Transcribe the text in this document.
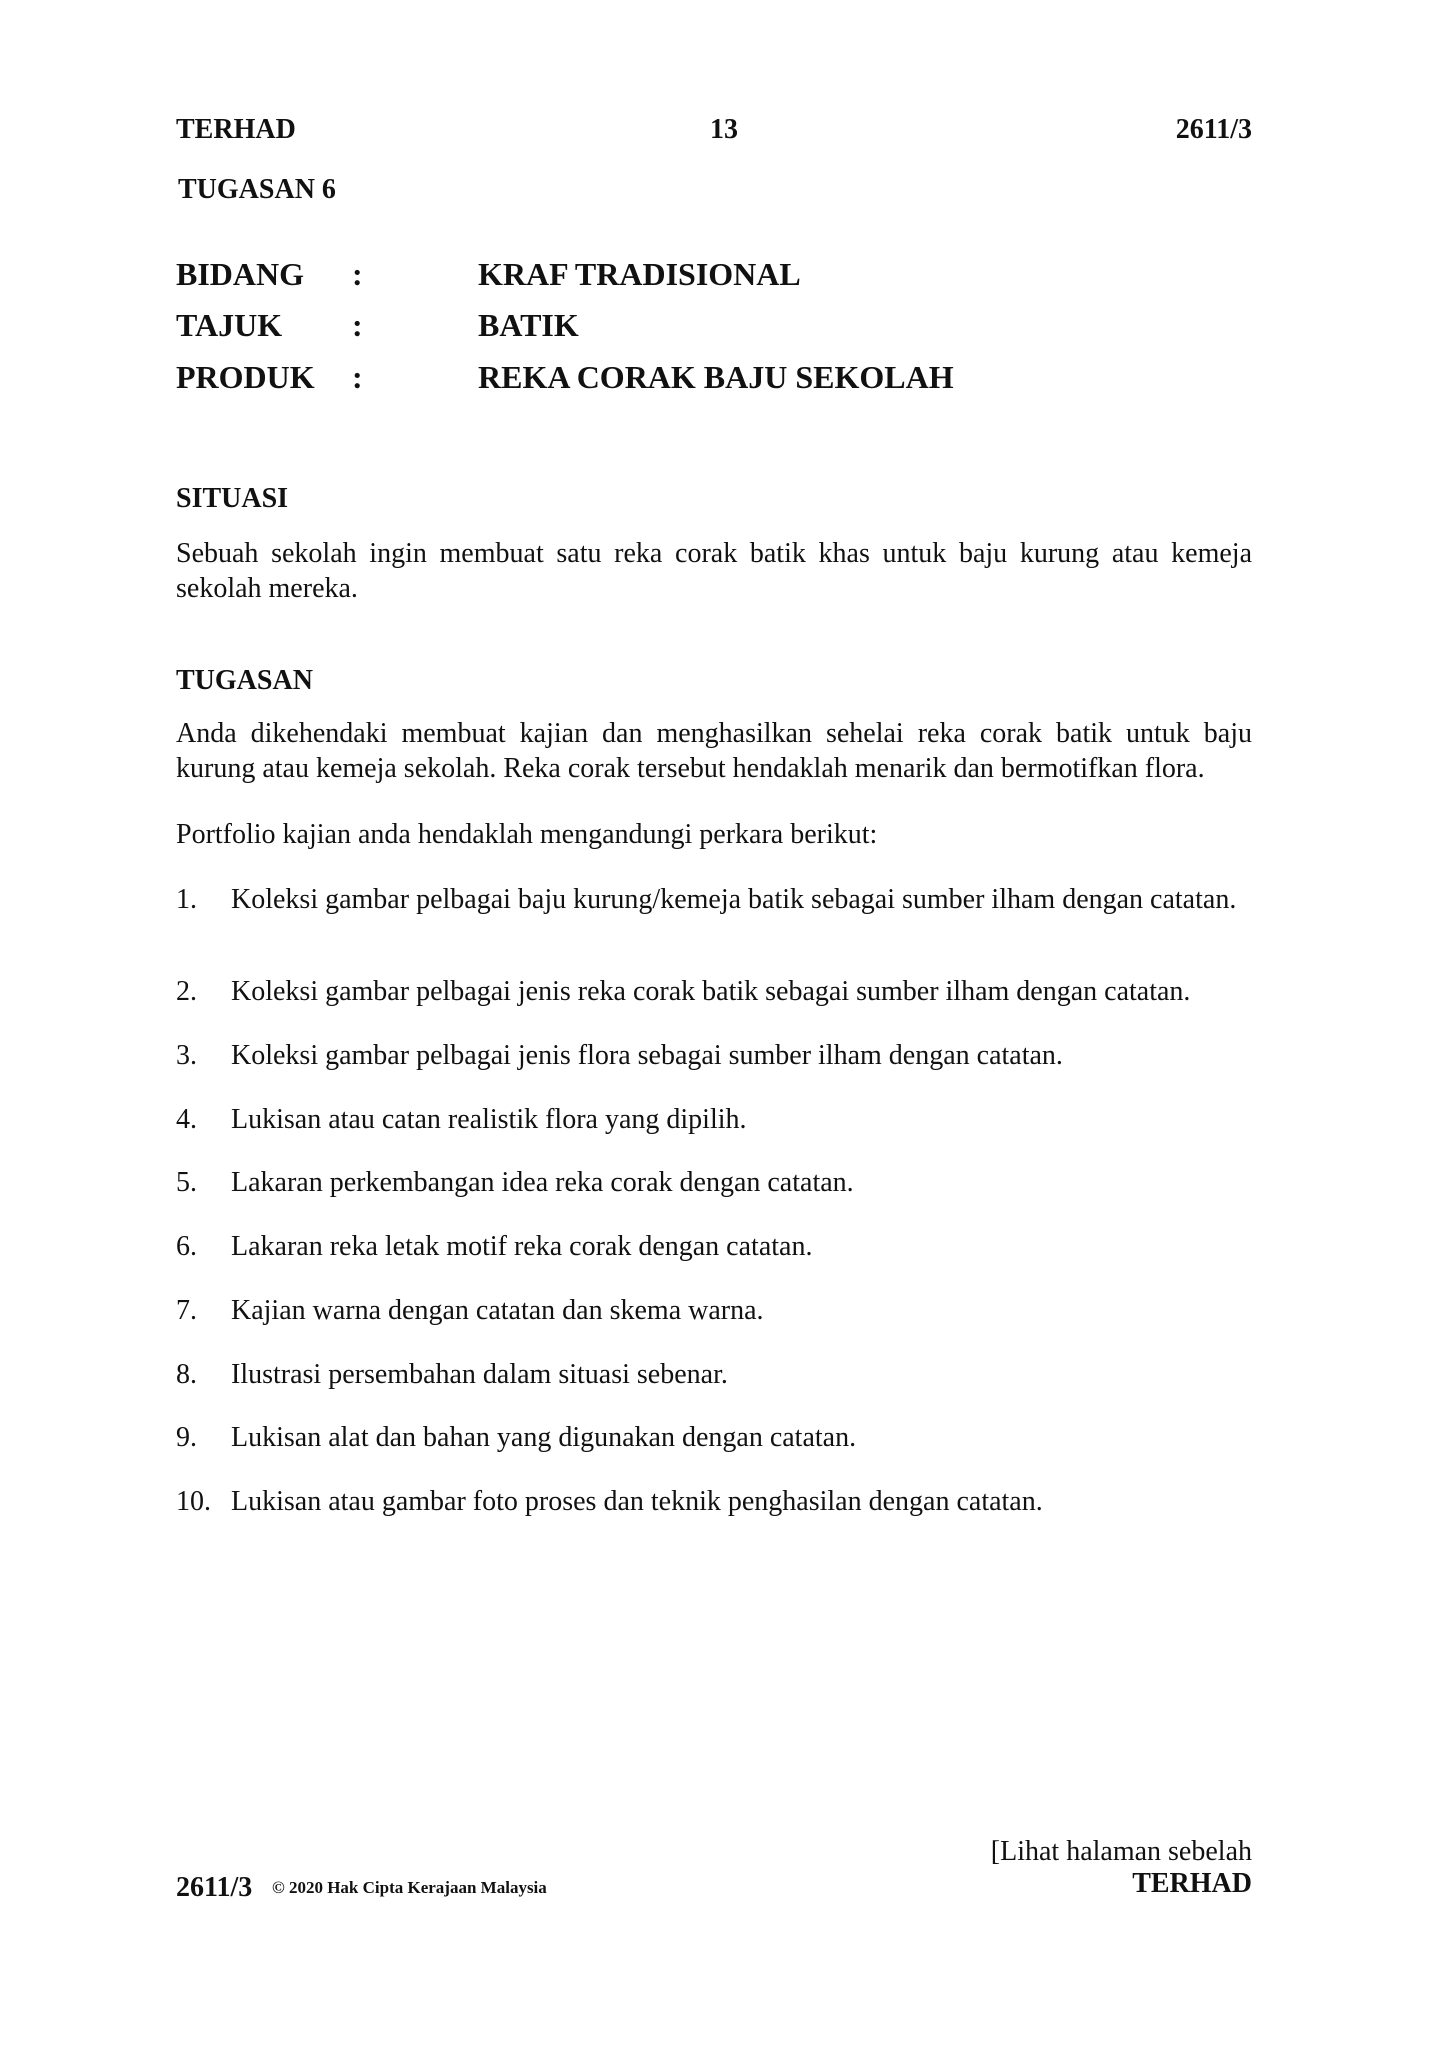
TERHAD	13	2611/3
TUGASAN 6
BIDANG :	KRAF TRADISIONAL
TAJUK :	BATIK
PRODUK :	REKA CORAK BAJU SEKOLAH
SITUASI
Sebuah sekolah ingin membuat satu reka corak batik khas untuk baju kurung atau kemeja sekolah mereka.
TUGASAN
Anda dikehendaki membuat kajian dan menghasilkan sehelai reka corak batik untuk baju kurung atau kemeja sekolah. Reka corak tersebut hendaklah menarik dan bermotifkan flora.
Portfolio kajian anda hendaklah mengandungi perkara berikut:
1. Koleksi gambar pelbagai baju kurung/kemeja batik sebagai sumber ilham dengan catatan.
2. Koleksi gambar pelbagai jenis reka corak batik sebagai sumber ilham dengan catatan.
3. Koleksi gambar pelbagai jenis flora sebagai sumber ilham dengan catatan.
4. Lukisan atau catan realistik flora yang dipilih.
5. Lakaran perkembangan idea reka corak dengan catatan.
6. Lakaran reka letak motif reka corak dengan catatan.
7. Kajian warna dengan catatan dan skema warna.
8. Ilustrasi persembahan dalam situasi sebenar.
9. Lukisan alat dan bahan yang digunakan dengan catatan.
10. Lukisan atau gambar foto proses dan teknik penghasilan dengan catatan.
2611/3 © 2020 Hak Cipta Kerajaan Malaysia
[Lihat halaman sebelah
TERHAD
